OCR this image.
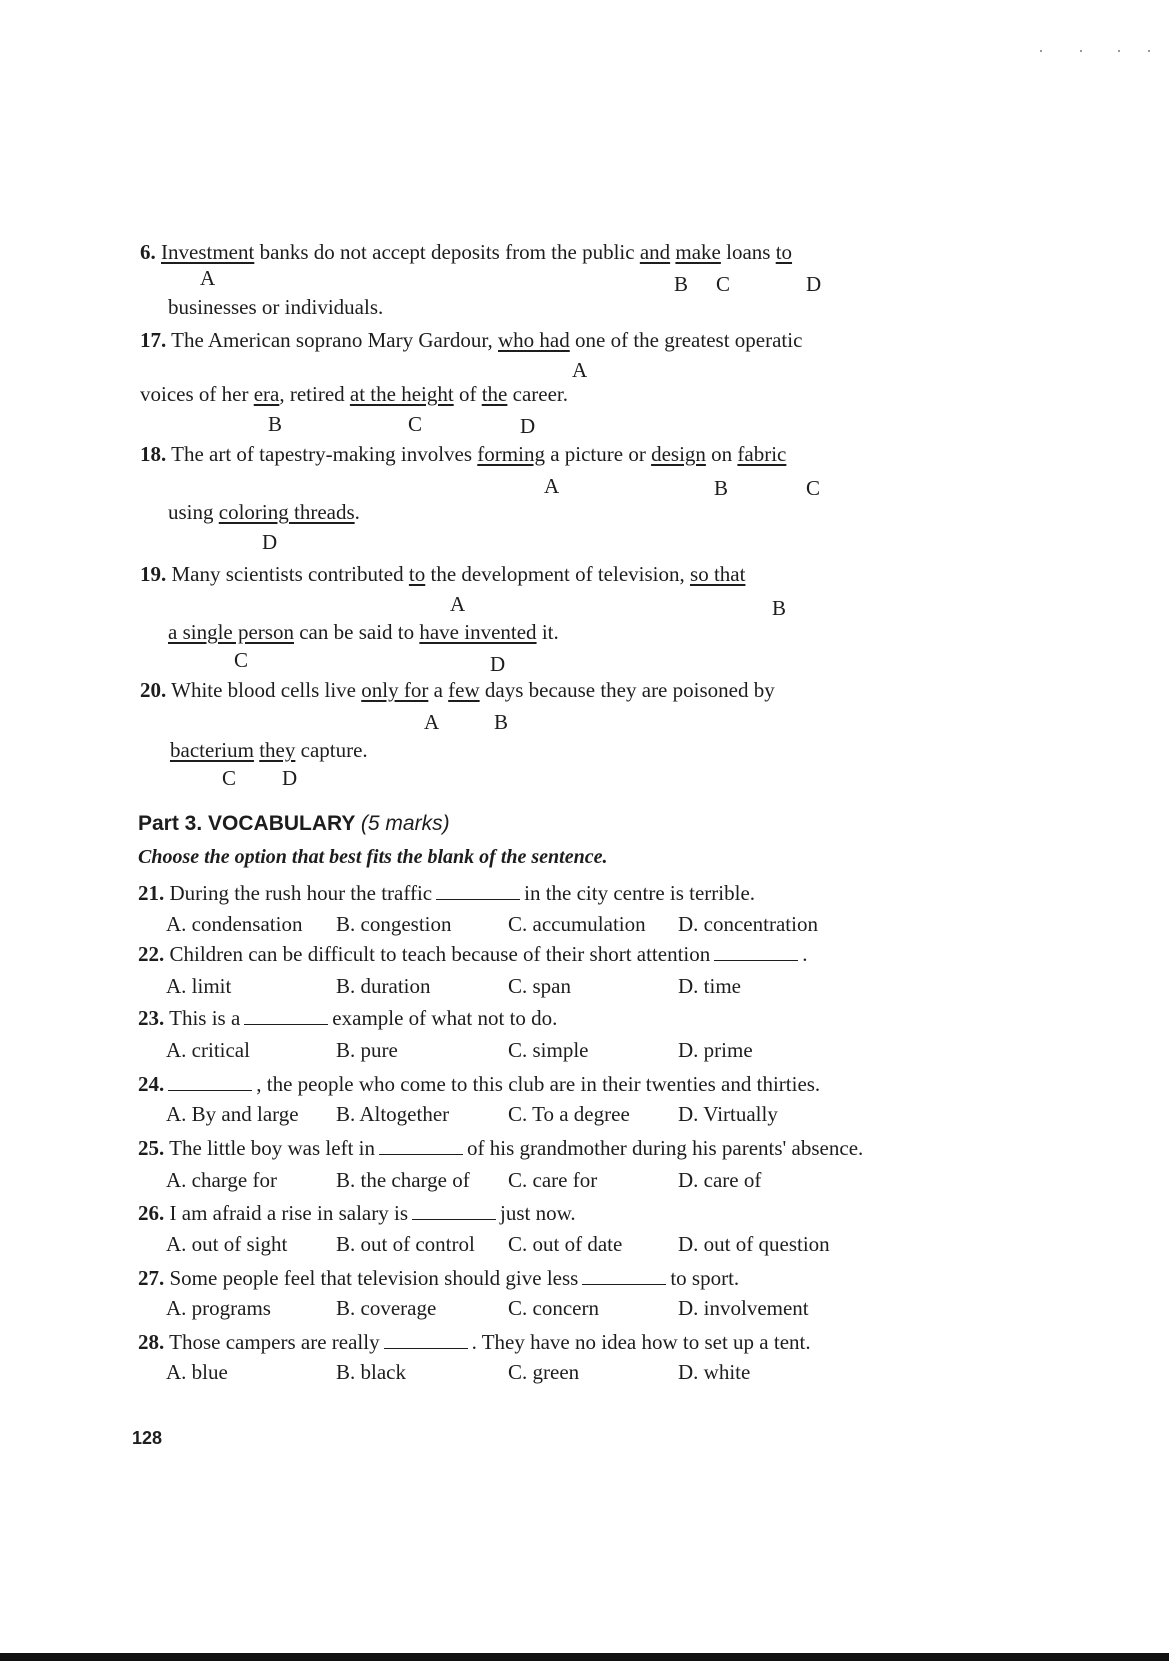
6. Investment banks do not accept deposits from the public and make loans to
A	B C	D
businesses or individuals.
17. The American soprano Mary Gardour, who had one of the greatest operatic
A
voices of her era, retired at the height of the career.
B	C	D
18. The art of tapestry-making involves forming a picture or design on fabric
A	B	C
using coloring threads.
D
19. Many scientists contributed to the development of television, so that
A	B
a single person can be said to have invented it.
C	D
20. White blood cells live only for a few days because they are poisoned by
A	B
bacterium they capture.
C D
Part 3. VOCABULARY (5 marks)
Choose the option that best fits the blank of the sentence.
21. During the rush hour the traffic	in the city centre is terrible.
A. condensation B. congestion	C. accumulation D. concentration
22. Children can be difficult to teach because of their short attention	.
A. limit	B. duration	C. span	D. time
23. This is a	example of what not to do.
A. critical	B. pure	C. simple	D. prime
24.	, the people who come to this club are in their twenties and thirties.
A. By and large B. Altogether	C. To a degree D. Virtually
25. The little boy was left in	of his grandmother during his parents' absence.
A. charge for	B. the charge of C. care for	D. care of
26. I am afraid a rise in salary is	just now.
A. out of sight B. out of control C. out of date	D. out of question
27. Some people feel that television should give less	to sport.
A. programs	B. coverage	C. concern	D. involvement
28. Those campers are really	. They have no idea how to set up a tent.
A. blue	B. black	C. green	D. white
128
